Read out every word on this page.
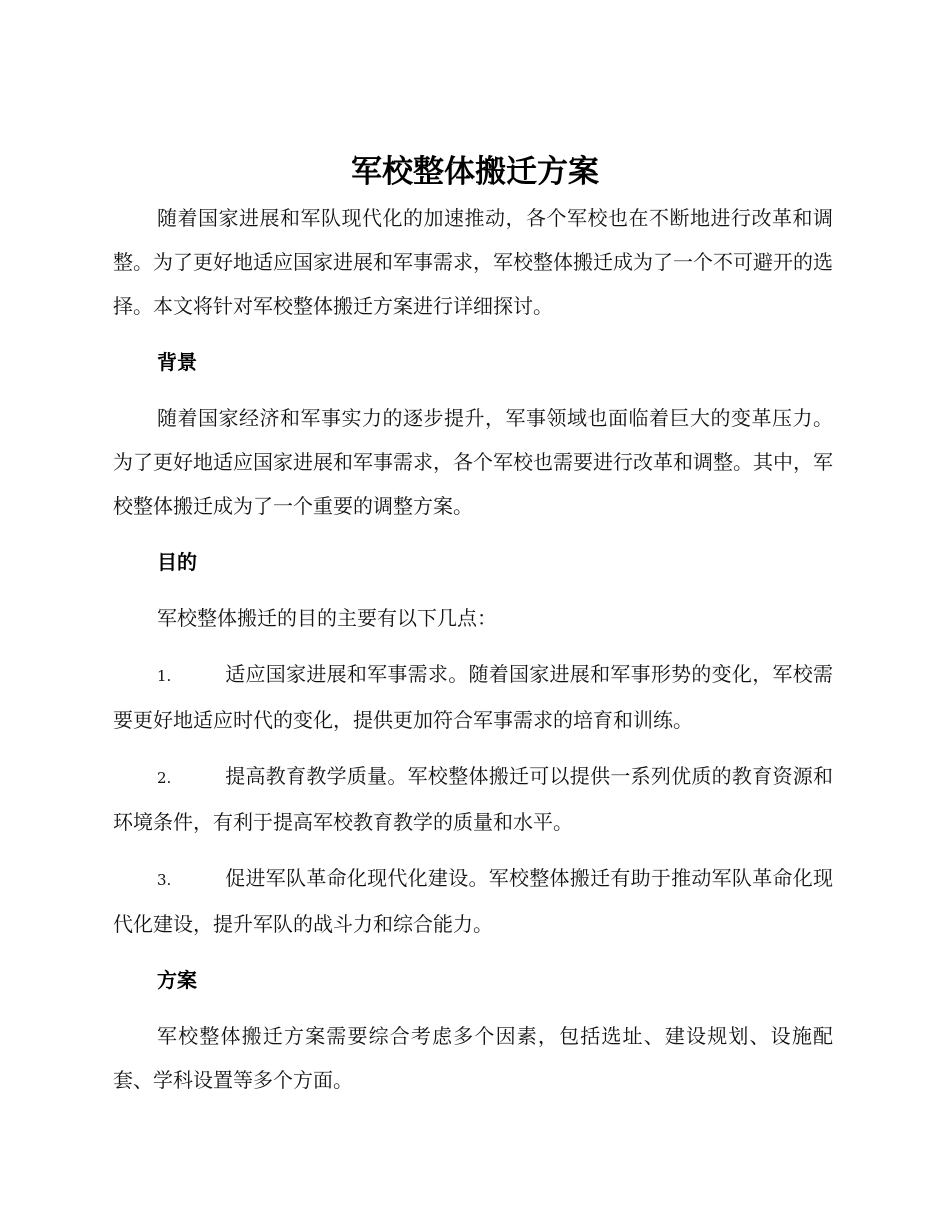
军校整体搬迁方案

随着国家进展和军队现代化的加速推动，各个军校也在不断地进行改革和调整。为了更好地适应国家进展和军事需求，军校整体搬迁成为了一个不可避开的选择。本文将针对军校整体搬迁方案进行详细探讨。

背景

随着国家经济和军事实力的逐步提升，军事领域也面临着巨大的变革压力。为了更好地适应国家进展和军事需求，各个军校也需要进行改革和调整。其中，军校整体搬迁成为了一个重要的调整方案。

目的

军校整体搬迁的目的主要有以下几点：

1.	适应国家进展和军事需求。随着国家进展和军事形势的变化，军校需要更好地适应时代的变化，提供更加符合军事需求的培育和训练。

2.	提高教育教学质量。军校整体搬迁可以提供一系列优质的教育资源和环境条件，有利于提高军校教育教学的质量和水平。

3.	促进军队革命化现代化建设。军校整体搬迁有助于推动军队革命化现代化建设，提升军队的战斗力和综合能力。

方案

军校整体搬迁方案需要综合考虑多个因素，包括选址、建设规划、设施配套、学科设置等多个方面。
